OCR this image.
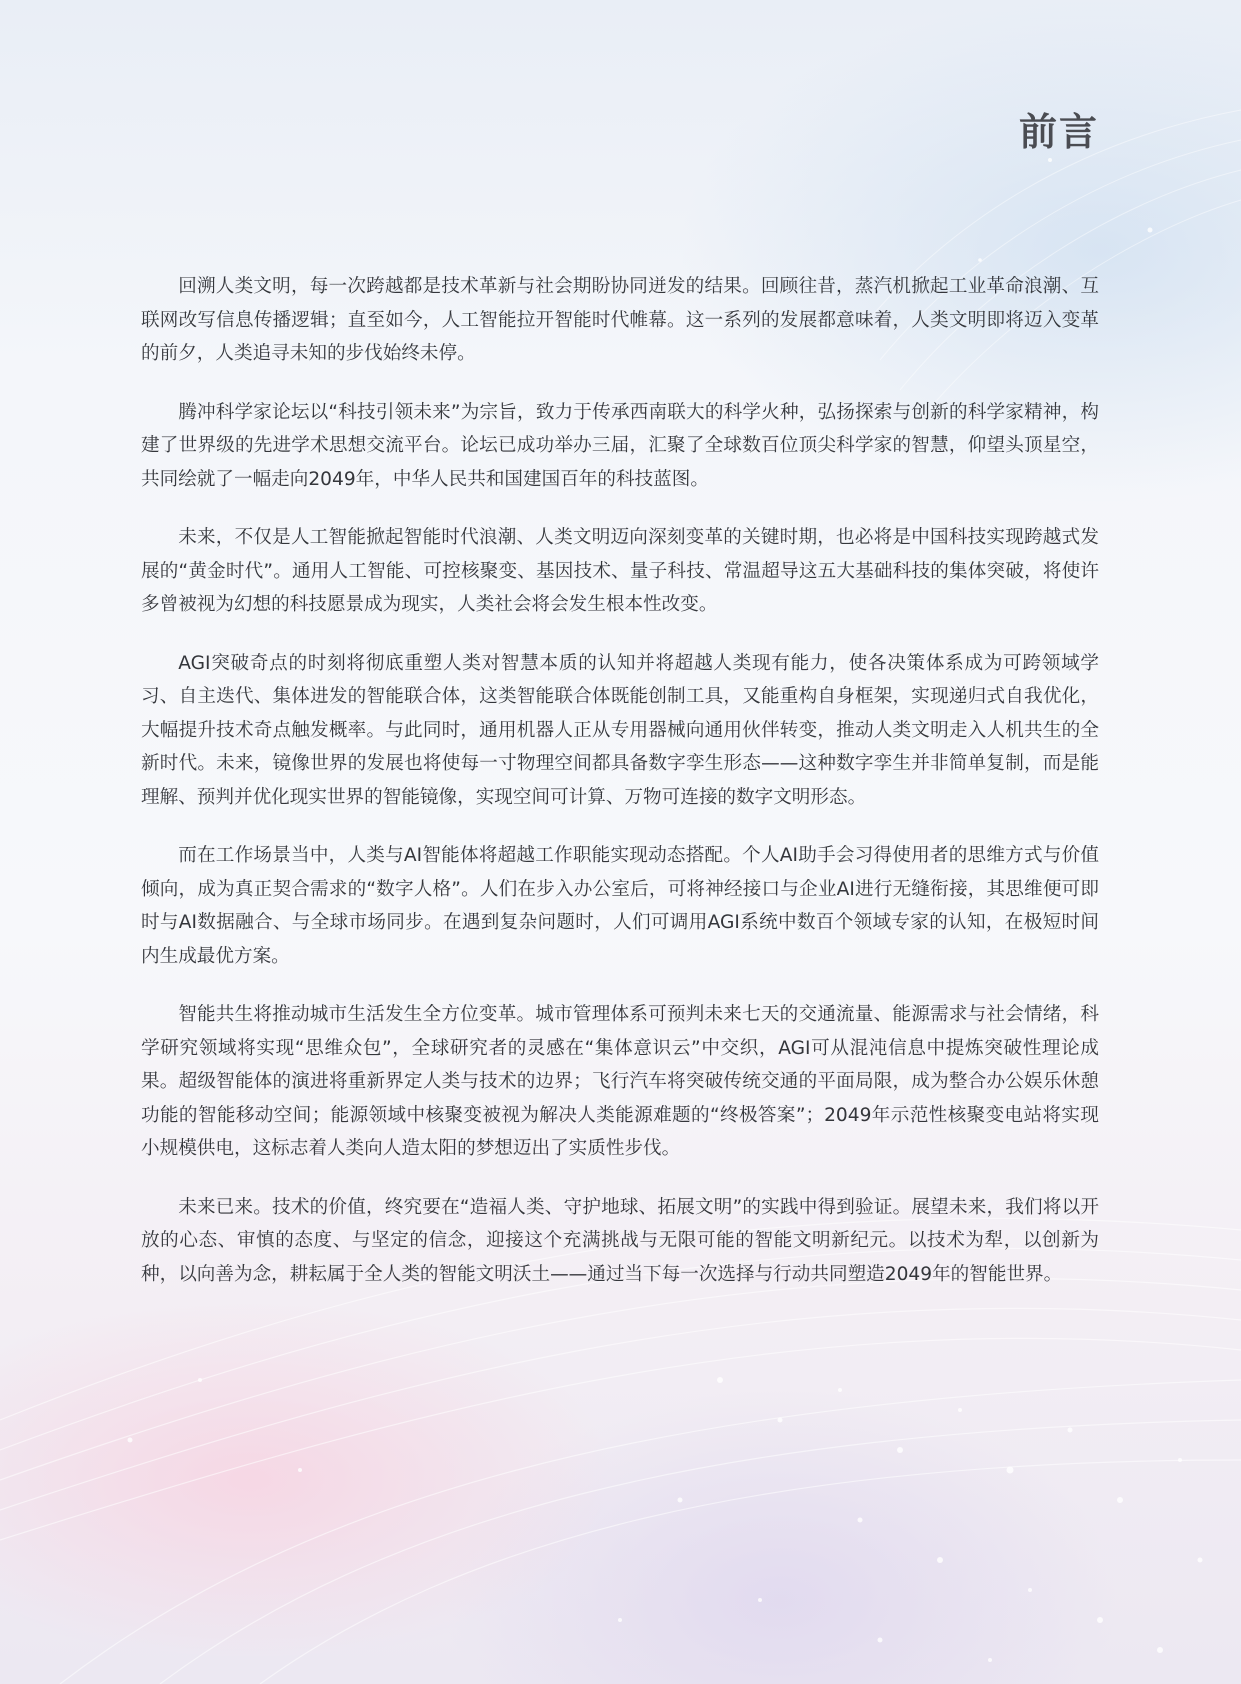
前言

回溯人类文明，每一次跨越都是技术革新与社会期盼协同迸发的结果。回顾往昔，蒸汽机掀起工业革命浪潮、互联网改写信息传播逻辑；直至如今，人工智能拉开智能时代帷幕。这一系列的发展都意味着，人类文明即将迈入变革的前夕，人类追寻未知的步伐始终未停。

腾冲科学家论坛以“科技引领未来”为宗旨，致力于传承西南联大的科学火种，弘扬探索与创新的科学家精神，构建了世界级的先进学术思想交流平台。论坛已成功举办三届，汇聚了全球数百位顶尖科学家的智慧，仰望头顶星空，共同绘就了一幅走向2049年，中华人民共和国建国百年的科技蓝图。

未来，不仅是人工智能掀起智能时代浪潮、人类文明迈向深刻变革的关键时期，也必将是中国科技实现跨越式发展的“黄金时代”。通用人工智能、可控核聚变、基因技术、量子科技、常温超导这五大基础科技的集体突破，将使许多曾被视为幻想的科技愿景成为现实，人类社会将会发生根本性改变。

AGI突破奇点的时刻将彻底重塑人类对智慧本质的认知并将超越人类现有能力，使各决策体系成为可跨领域学习、自主迭代、集体进发的智能联合体，这类智能联合体既能创制工具，又能重构自身框架，实现递归式自我优化，大幅提升技术奇点触发概率。与此同时，通用机器人正从专用器械向通用伙伴转变，推动人类文明走入人机共生的全新时代。未来，镜像世界的发展也将使每一寸物理空间都具备数字孪生形态——这种数字孪生并非简单复制，而是能理解、预判并优化现实世界的智能镜像，实现空间可计算、万物可连接的数字文明形态。

而在工作场景当中，人类与AI智能体将超越工作职能实现动态搭配。个人AI助手会习得使用者的思维方式与价值倾向，成为真正契合需求的“数字人格”。人们在步入办公室后，可将神经接口与企业AI进行无缝衔接，其思维便可即时与AI数据融合、与全球市场同步。在遇到复杂问题时，人们可调用AGI系统中数百个领域专家的认知，在极短时间内生成最优方案。

智能共生将推动城市生活发生全方位变革。城市管理体系可预判未来七天的交通流量、能源需求与社会情绪，科学研究领域将实现“思维众包”，全球研究者的灵感在“集体意识云”中交织，AGI可从混沌信息中提炼突破性理论成果。超级智能体的演进将重新界定人类与技术的边界；飞行汽车将突破传统交通的平面局限，成为整合办公娱乐休憩功能的智能移动空间；能源领域中核聚变被视为解决人类能源难题的“终极答案”；2049年示范性核聚变电站将实现小规模供电，这标志着人类向人造太阳的梦想迈出了实质性步伐。

未来已来。技术的价值，终究要在“造福人类、守护地球、拓展文明”的实践中得到验证。展望未来，我们将以开放的心态、审慎的态度、与坚定的信念，迎接这个充满挑战与无限可能的智能文明新纪元。以技术为犁，以创新为种，以向善为念，耕耘属于全人类的智能文明沃土——通过当下每一次选择与行动共同塑造2049年的智能世界。
